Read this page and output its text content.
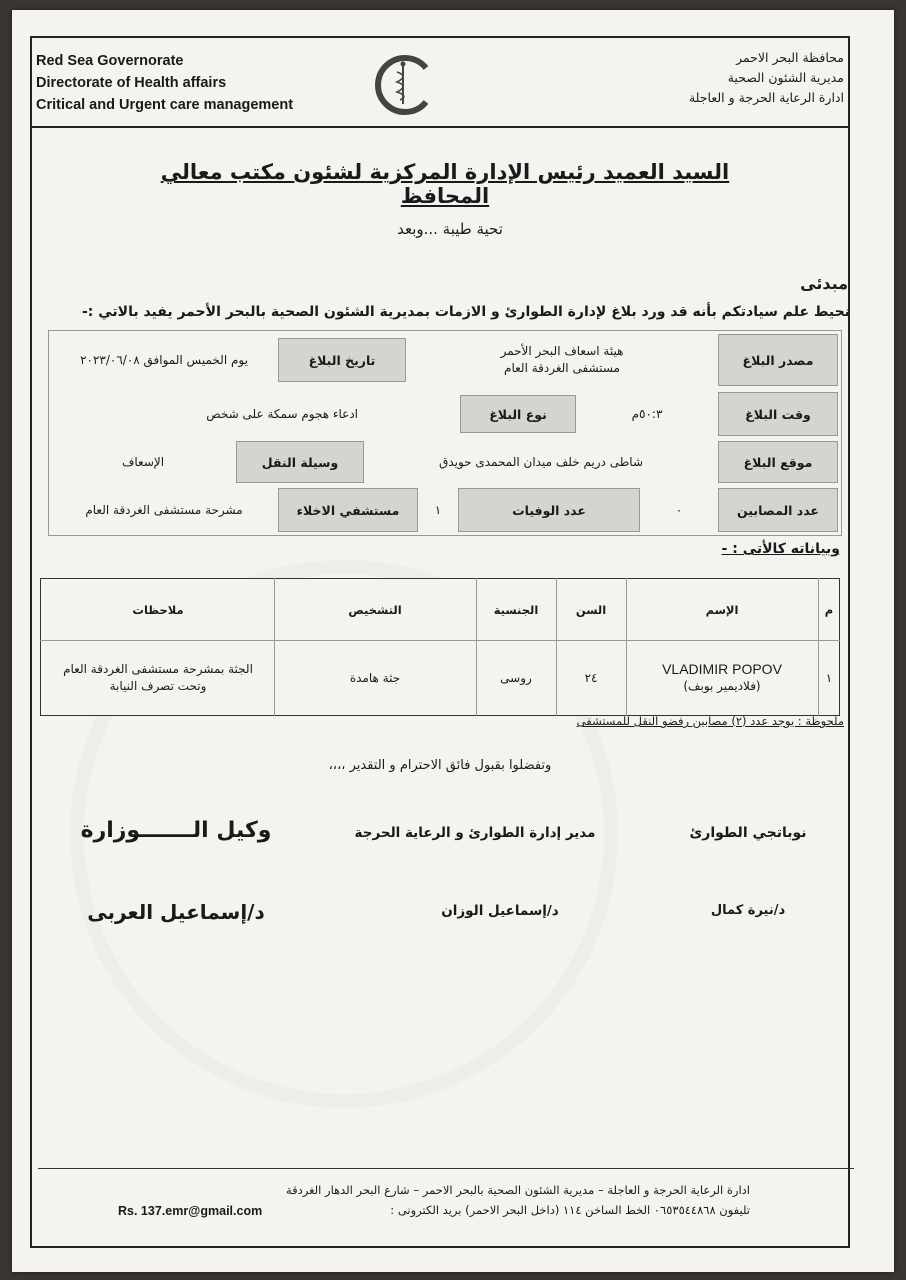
Red Sea Governorate
Directorate of Health affairs
Critical and Urgent care management
محافظة البحر الاحمر
مديرية الشئون الصحية
ادارة الرعاية الحرجة و العاجلة
السيد العميد رئيس الإدارة المركزية لشئون مكتب معالي المحافظ
تحية طيبة ...وبعد
مبدئى
نحيط علم سيادتكم بأنه قد ورد بلاغ لإدارة الطوارئ و الازمات بمديرية الشئون الصحية بالبحر الأحمر يفيد بالاتي :-
مصدر البلاغ
هيئة اسعاف البحر الأحمر
مستشفى الغردقة العام
تاريخ البلاغ
يوم الخميس الموافق ٢٠٢٣/٠٦/٠٨
وقت البلاغ
٥٠:٣م
نوع البلاغ
ادعاء هجوم سمكة على شخص
موقع البلاغ
شاطى دريم خلف ميدان المحمدى حويدق
وسيلة النقل
الإسعاف
عدد المصابين
٠
عدد الوفيات
١
مستشفي الاخلاء
مشرحة مستشفى الغردقة العام
وبياناته كالأتى : -
م
الإسم
السن
الجنسية
التشخيص
ملاحظات
١
VLADIMIR POPOV
(فلاديمير بوبف)
٢٤
روسى
جثة هامدة
الجثة بمشرحة مستشفى الغردقة العام
وتحت تصرف النيابة
ملحوظة : يوجد عدد (٢) مصابين رفضو النقل للمستشفى
وتفضلوا بقبول فائق الاحترام و التقدير ،،،،
نوباتجي الطوارئ
د/نيرة كمال
مدير إدارة الطوارئ و الرعاية الحرجة
د/إسماعيل الوزان
وكيل الـــــــوزارة
د/إسماعيل العربى
ادارة الرعاية الحرجة و العاجلة – مديرية الشئون الصحية بالبحر الاحمر – شارع البحر الدهار الغردقة
تليفون ٠٦٥٣٥٤٤٨٦٨ الخط الساخن ١١٤ (داخل البحر الاحمر) بريد الكترونى :
Rs. 137.emr@gmail.com
